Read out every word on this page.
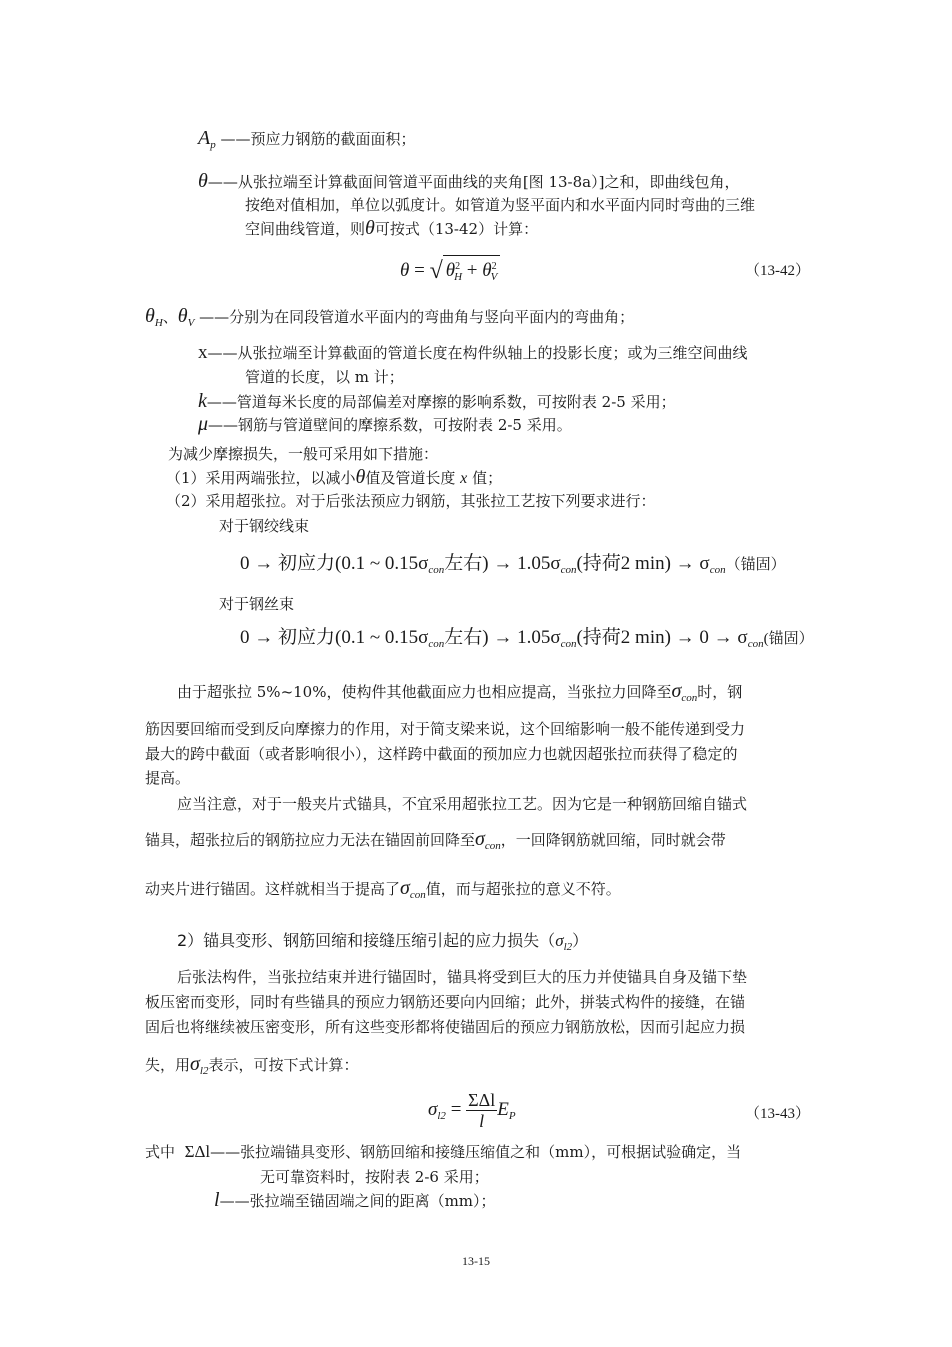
$A_p$ ——预应力钢筋的截面面积；
θ——从张拉端至计算截面间管道平面曲线的夹角[图 13-8a）]之和，即曲线包角，
按绝对值相加，单位以弧度计。如管道为竖平面内和水平面内同时弯曲的三维
空间曲线管道，则θ可按式（13-42）计算：
θ = √ $\theta^2_H + \theta^2_V$	（13-42）
$\theta_H$、$\theta_V$ ——分别为在同段管道水平面内的弯曲角与竖向平面内的弯曲角；
x——从张拉端至计算截面的管道长度在构件纵轴上的投影长度；或为三维空间曲线
管道的长度，以 m 计；
k——管道每米长度的局部偏差对摩擦的影响系数，可按附表 2-5 采用；
μ——钢筋与管道壁间的摩擦系数，可按附表 2-5 采用。
为减少摩擦损失，一般可采用如下措施：
（1）采用两端张拉，以减小θ值及管道长度 x 值；
（2）采用超张拉。对于后张法预应力钢筋，其张拉工艺按下列要求进行：
对于钢绞线束
0 → 初应力(0.1 ~ $0.15\sigma_{con}$左右) → $1.05\sigma_{con}$(持荷2 $\min) \to \sigma_{con}$（锚固）
对于钢丝束
0 → 初应力(0.1 ~ $0.15\sigma_{con}$左右) → $1.05\sigma_{con}$(持荷2 $\min) \to 0 \to \sigma_{con}$(锚固）
由于超张拉 5%~10%，使构件其他截面应力也相应提高，当张拉力回降至$\sigma_{con}$时，钢
筋因要回缩而受到反向摩擦力的作用，对于简支梁来说，这个回缩影响一般不能传递到受力
最大的跨中截面（或者影响很小），这样跨中截面的预加应力也就因超张拉而获得了稳定的
提高。
应当注意，对于一般夹片式锚具，不宜采用超张拉工艺。因为它是一种钢筋回缩自锚式
锚具，超张拉后的钢筋拉应力无法在锚固前回降至$\sigma_{con}$，一回降钢筋就回缩，同时就会带
动夹片进行锚固。这样就相当于提高了$\sigma_{con}$值，而与超张拉的意义不符。
2）锚具变形、钢筋回缩和接缝压缩引起的应力损失$(\sigma_{l2})$
后张法构件，当张拉结束并进行锚固时，锚具将受到巨大的压力并使锚具自身及锚下垫
板压密而变形，同时有些锚具的预应力钢筋还要向内回缩；此外，拼装式构件的接缝，在锚
固后也将继续被压密变形，所有这些变形都将使锚固后的预应力钢筋放松，因而引起应力损
失，用$\sigma_{l2}$表示，可按下式计算：
$\sigma_{l2} = \frac{\text{ΣΔl}}{l} E_P$	（13-43）
式中 ΣΔl——张拉端锚具变形、钢筋回缩和接缝压缩值之和（mm），可根据试验确定，当
无可靠资料时，按附表 2-6 采用；
l——张拉端至锚固端之间的距离（mm）；
13-15
